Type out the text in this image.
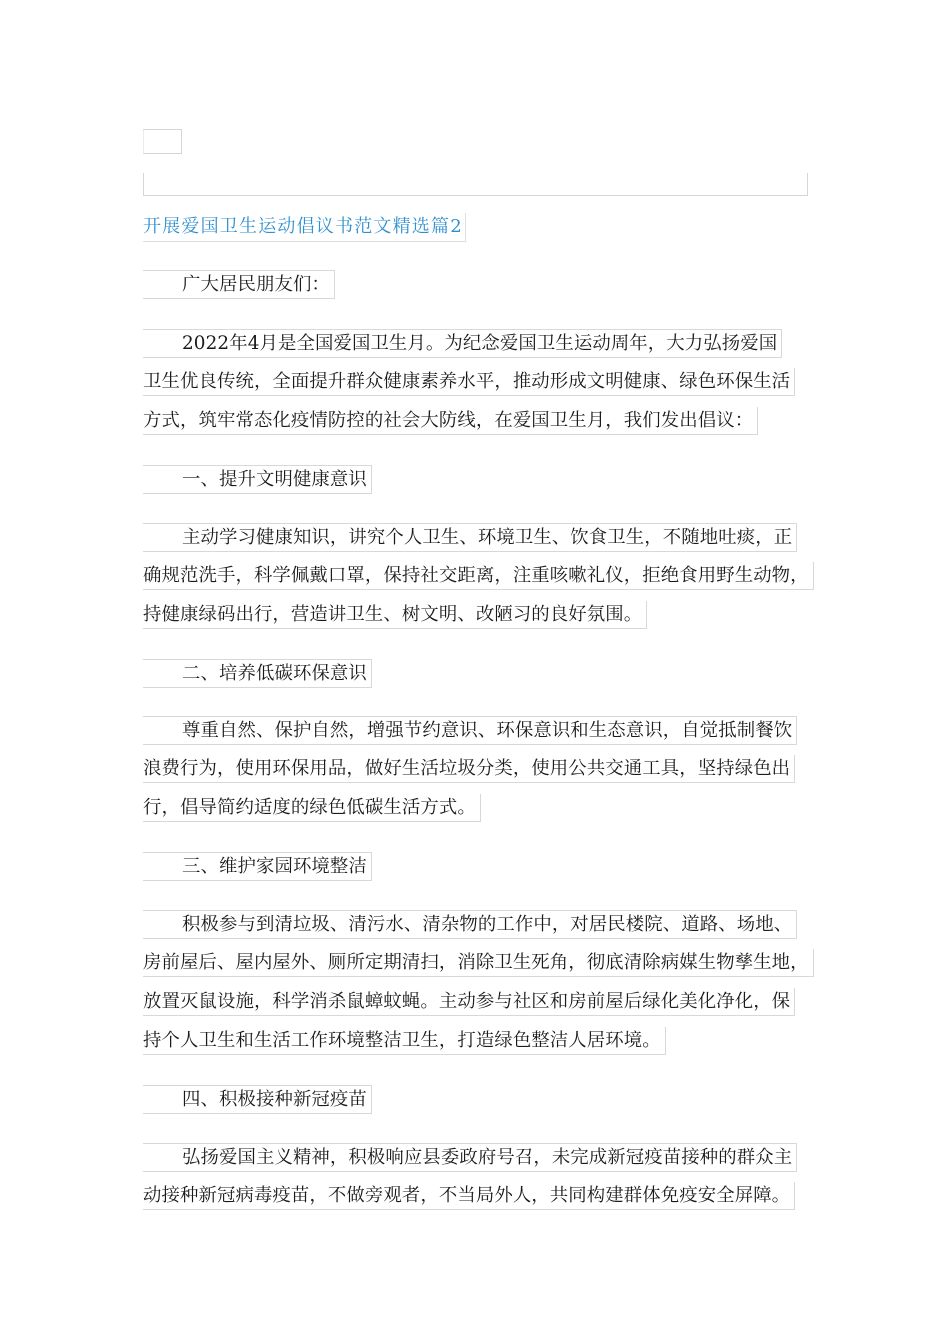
开展爱国卫生运动倡议书范文精选篇2
广大居民朋友们：
2022年4月是全国爱国卫生月。为纪念爱国卫生运动周年，大力弘扬爱国
卫生优良传统，全面提升群众健康素养水平，推动形成文明健康、绿色环保生活
方式，筑牢常态化疫情防控的社会大防线，在爱国卫生月，我们发出倡议：
一、提升文明健康意识
主动学习健康知识，讲究个人卫生、环境卫生、饮食卫生，不随地吐痰，正
确规范洗手，科学佩戴口罩，保持社交距离，注重咳嗽礼仪，拒绝食用野生动物，
持健康绿码出行，营造讲卫生、树文明、改陋习的良好氛围。
二、培养低碳环保意识
尊重自然、保护自然，增强节约意识、环保意识和生态意识，自觉抵制餐饮
浪费行为，使用环保用品，做好生活垃圾分类，使用公共交通工具，坚持绿色出
行，倡导简约适度的绿色低碳生活方式。
三、维护家园环境整洁
积极参与到清垃圾、清污水、清杂物的工作中，对居民楼院、道路、场地、
房前屋后、屋内屋外、厕所定期清扫，消除卫生死角，彻底清除病媒生物孳生地，
放置灭鼠设施，科学消杀鼠蟑蚊蝇。主动参与社区和房前屋后绿化美化净化，保
持个人卫生和生活工作环境整洁卫生，打造绿色整洁人居环境。
四、积极接种新冠疫苗
弘扬爱国主义精神，积极响应县委政府号召，未完成新冠疫苗接种的群众主
动接种新冠病毒疫苗，不做旁观者，不当局外人，共同构建群体免疫安全屏障。
